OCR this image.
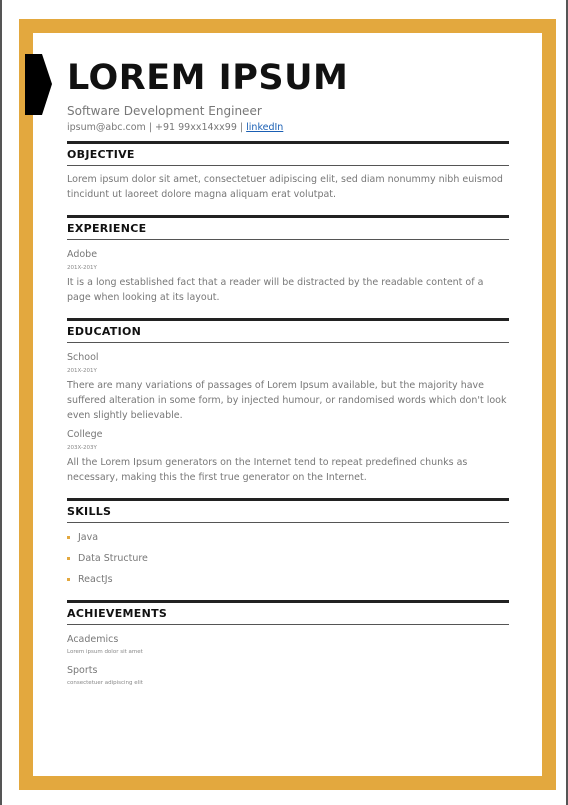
LOREM IPSUM
Software Development Engineer
ipsum@abc.com | +91 99xx14xx99 | linkedIn
OBJECTIVE
Lorem ipsum dolor sit amet, consectetuer adipiscing elit, sed diam nonummy nibh euismod tincidunt ut laoreet dolore magna aliquam erat volutpat.
EXPERIENCE
Adobe
201X-201Y
It is a long established fact that a reader will be distracted by the readable content of a page when looking at its layout.
EDUCATION
School
201X-201Y
There are many variations of passages of Lorem Ipsum available, but the majority have suffered alteration in some form, by injected humour, or randomised words which don't look even slightly believable.
College
203X-203Y
All the Lorem Ipsum generators on the Internet tend to repeat predefined chunks as necessary, making this the first true generator on the Internet.
SKILLS
Java
Data Structure
ReactJs
ACHIEVEMENTS
Academics
Lorem ipsum dolor sit amet
Sports
consectetuer adipiscing elit
